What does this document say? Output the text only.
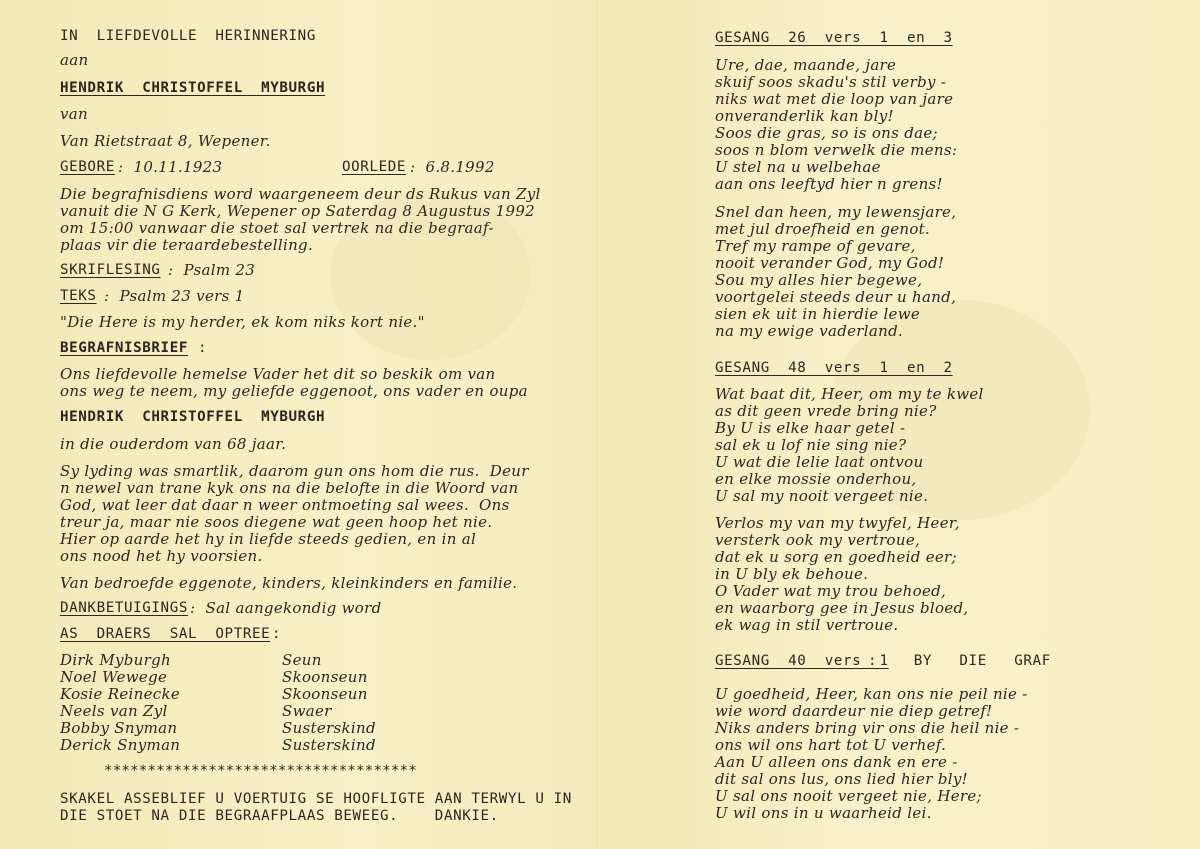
IN  LIEFDEVOLLE  HERINNERING
aan
HENDRIK  CHRISTOFFEL  MYBURGH
van
Van Rietstraat 8, Wepener.
GEBORE :  10.11.1923	OORLEDE :  6.8.1992
Die begrafnisdiens word waargeneem deur ds Rukus van Zyl
vanuit die N G Kerk, Wepener op Saterdag 8 Augustus 1992
om 15:00 vanwaar die stoet sal vertrek na die begraaf-
plaas vir die teraardebestelling.
SKRIFLESING :  Psalm 23
TEKS :  Psalm 23 vers 1
"Die Here is my herder, ek kom niks kort nie."
BEGRAFNISBRIEF :
Ons liefdevolle hemelse Vader het dit so beskik om van
ons weg te neem, my geliefde eggenoot, ons vader en oupa
HENDRIK  CHRISTOFFEL  MYBURGH
in die ouderdom van 68 jaar.
Sy lyding was smartlik, daarom gun ons hom die rus.  Deur
n newel van trane kyk ons na die belofte in die Woord van
God, wat leer dat daar n weer ontmoeting sal wees.  Ons
treur ja, maar nie soos diegene wat geen hoop het nie.
Hier op aarde het hy in liefde steeds gedien, en in al
ons nood het hy voorsien.
Van bedroefde eggenote, kinders, kleinkinders en familie.
DANKBETUIGINGS :  Sal aangekondig word
AS  DRAERS  SAL  OPTREE :
Dirk Myburgh	Seun
Noel Wewege	Skoonseun
Kosie Reinecke	Skoonseun
Neels van Zyl	Swaer
Bobby Snyman	Susterskind
Derick Snyman	Susterskind
************************************
SKAKEL ASSEBLIEF U VOERTUIG SE HOOFLIGTE AAN TERWYL U IN
DIE STOET NA DIE BEGRAAFPLAAS BEWEEG.    DANKIE.
GESANG  26  vers  1  en  3
Ure, dae, maande, jare
skuif soos skadu's stil verby -
niks wat met die loop van jare
onveranderlik kan bly!
Soos die gras, so is ons dae;
soos n blom verwelk die mens:
U stel na u welbehae
aan ons leeftyd hier n grens!
Snel dan heen, my lewensjare,
met jul droefheid en genot.
Tref my rampe of gevare,
nooit verander God, my God!
Sou my alles hier begewe,
voortgelei steeds deur u hand,
sien ek uit in hierdie lewe
na my ewige vaderland.
GESANG  48  vers  1  en  2
Wat baat dit, Heer, om my te kwel
as dit geen vrede bring nie?
By U is elke haar getel -
sal ek u lof nie sing nie?
U wat die lelie laat ontvou
en elke mossie onderhou,
U sal my nooit vergeet nie.
Verlos my van my twyfel, Heer,
versterk ook my vertroue,
dat ek u sorg en goedheid eer;
in U bly ek behoue.
O Vader wat my trou behoed,
en waarborg gee in Jesus bloed,
ek wag in stil vertroue.
GESANG  40  vers  1
:    BY   DIE   GRAF
U goedheid, Heer, kan ons nie peil nie -
wie word daardeur nie diep getref!
Niks anders bring vir ons die heil nie -
ons wil ons hart tot U verhef.
Aan U alleen ons dank en ere -
dit sal ons lus, ons lied hier bly!
U sal ons nooit vergeet nie, Here;
U wil ons in u waarheid lei.
